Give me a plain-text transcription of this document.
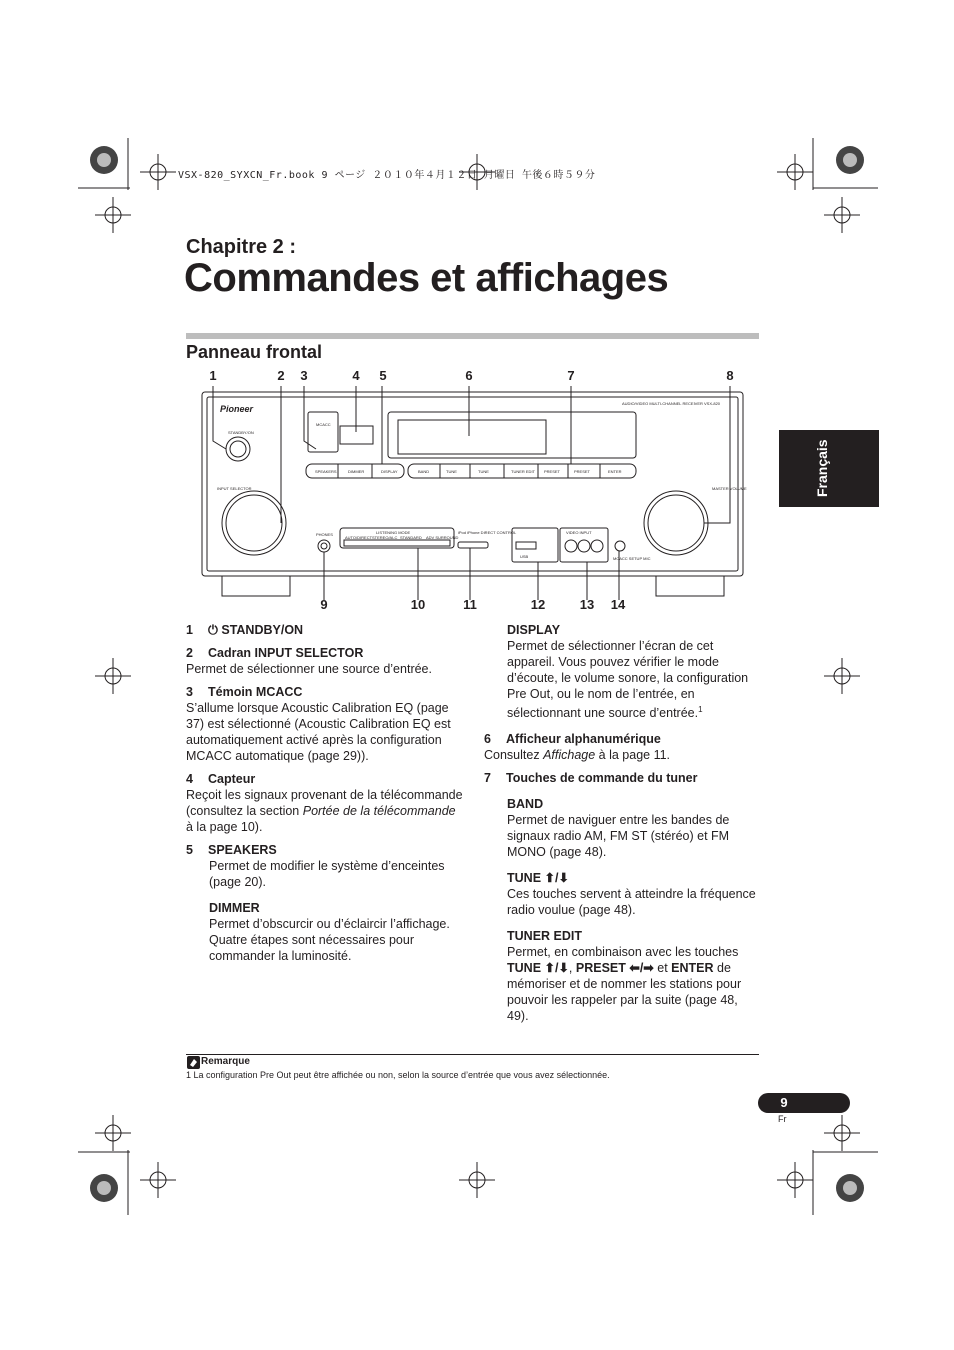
VSX-820_SYXCN_Fr.book 9 ページ ２０１０年４月１２日 月曜日 午後６時５９分
Chapitre 2 :
Commandes et affichages
Panneau frontal
Français
1	2	3	4	5	6	7	8
9	10	11	12	13	14
Pioneer
AUDIO/VIDEO MULTI-CHANNEL RECEIVER VSX-820
STANDBY/ON
INPUT SELECTOR	MASTER VOLUME
MCACC
PHONES	LISTENING MODE	iPod iPhone DIRECT CONTROL
USB
VIDEO INPUT
MCACC SETUP MIC
SPEAKERS	DIMMER	DISPLAY	BAND	TUNE	TUNE	TUNER EDIT PRESET	PRESET	ENTER
AUTO/DIRECT STEREO/ALC STANDARD ADV SURROUND
1 ⏻ STANDBY/ON
2 Cadran INPUT SELECTOR
Permet de sélectionner une source d’entrée.
3 Témoin MCACC
S’allume lorsque Acoustic Calibration EQ (page 37) est sélectionné (Acoustic Calibration EQ est automatiquement activé après la configuration MCACC automatique (page 29)).
4 Capteur
Reçoit les signaux provenant de la télécommande (consultez la section Portée de la télécommande à la page 10).
5 SPEAKERS
Permet de modifier le système d’enceintes (page 20).
DIMMER
Permet d’obscurcir ou d’éclaircir l’affichage. Quatre étapes sont nécessaires pour commander la luminosité.
DISPLAY
Permet de sélectionner l’écran de cet appareil. Vous pouvez vérifier le mode d’écoute, le volume sonore, la configuration Pre Out, ou le nom de l’entrée, en sélectionnant une source d’entrée.$^1$
6 Afficheur alphanumérique
Consultez Affichage à la page 11.
7 Touches de commande du tuner
BAND
Permet de naviguer entre les bandes de signaux radio AM, FM ST (stéréo) et FM MONO (page 48).
TUNE ⬆/⬇
Ces touches servent à atteindre la fréquence radio voulue (page 48).
TUNER EDIT
Permet, en combinaison avec les touches TUNE ⬆/⬇, PRESET ⬅/➡ et ENTER de mémoriser et de nommer les stations pour pouvoir les rappeler par la suite (page 48, 49).
Remarque
1 La configuration Pre Out peut être affichée ou non, selon la source d’entrée que vous avez sélectionnée.
9
Fr
